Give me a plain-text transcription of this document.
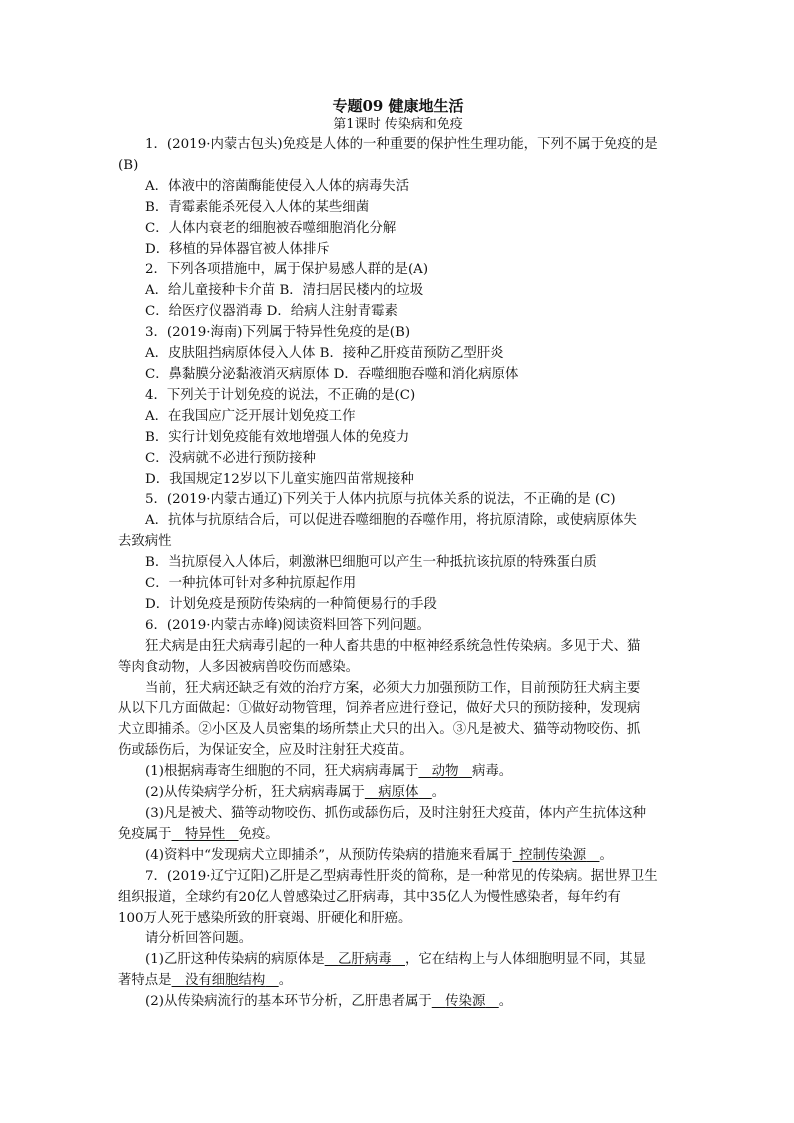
专题09 健康地生活

第1课时 传染病和免疫

1．(2019·内蒙古包头)免疫是人体的一种重要的保护性生理功能，下列不属于免疫的是

(B)

A．体液中的溶菌酶能使侵入人体的病毒失活

B．青霉素能杀死侵入人体的某些细菌

C．人体内衰老的细胞被吞噬细胞消化分解

D．移植的异体器官被人体排斥

2．下列各项措施中，属于保护易感人群的是(A)

A．给儿童接种卡介苗 B．清扫居民楼内的垃圾

C．给医疗仪器消毒 D．给病人注射青霉素

3．(2019·海南)下列属于特异性免疫的是(B)

A．皮肤阻挡病原体侵入人体 B．接种乙肝疫苗预防乙型肝炎

C．鼻黏膜分泌黏液消灭病原体 D．吞噬细胞吞噬和消化病原体

4．下列关于计划免疫的说法，不正确的是(C)

A．在我国应广泛开展计划免疫工作

B．实行计划免疫能有效地增强人体的免疫力

C．没病就不必进行预防接种

D．我国规定12岁以下儿童实施四苗常规接种

5．(2019·内蒙古通辽)下列关于人体内抗原与抗体关系的说法，不正确的是 (C)

A．抗体与抗原结合后，可以促进吞噬细胞的吞噬作用，将抗原清除，或使病原体失

去致病性

B．当抗原侵入人体后，刺激淋巴细胞可以产生一种抵抗该抗原的特殊蛋白质

C．一种抗体可针对多种抗原起作用

D．计划免疫是预防传染病的一种简便易行的手段

6．(2019·内蒙古赤峰)阅读资料回答下列问题。

狂犬病是由狂犬病毒引起的一种人畜共患的中枢神经系统急性传染病。多见于犬、猫

等肉食动物，人多因被病兽咬伤而感染。

当前，狂犬病还缺乏有效的治疗方案，必须大力加强预防工作，目前预防狂犬病主要

从以下几方面做起：①做好动物管理，饲养者应进行登记，做好犬只的预防接种，发现病

犬立即捕杀。②小区及人员密集的场所禁止犬只的出入。③凡是被犬、猫等动物咬伤、抓

伤或舔伤后，为保证安全，应及时注射狂犬疫苗。

(1)根据病毒寄生细胞的不同，狂犬病病毒属于   动物   病毒。

(2)从传染病学分析，狂犬病病毒属于   病原体   。

(3)凡是被犬、猫等动物咬伤、抓伤或舔伤后，及时注射狂犬疫苗，体内产生抗体这种

免疫属于   特异性   免疫。

(4)资料中“发现病犬立即捕杀”，从预防传染病的措施来看属于  控制传染源   。

7．(2019·辽宁辽阳)乙肝是乙型病毒性肝炎的简称，是一种常见的传染病。据世界卫生

组织报道，全球约有20亿人曾感染过乙肝病毒，其中35亿人为慢性感染者，每年约有

100万人死于感染所致的肝衰竭、肝硬化和肝癌。

请分析回答问题。

(1)乙肝这种传染病的病原体是   乙肝病毒   ，它在结构上与人体细胞明显不同，其显

著特点是   没有细胞结构   。

(2)从传染病流行的基本环节分析，乙肝患者属于   传染源   。
